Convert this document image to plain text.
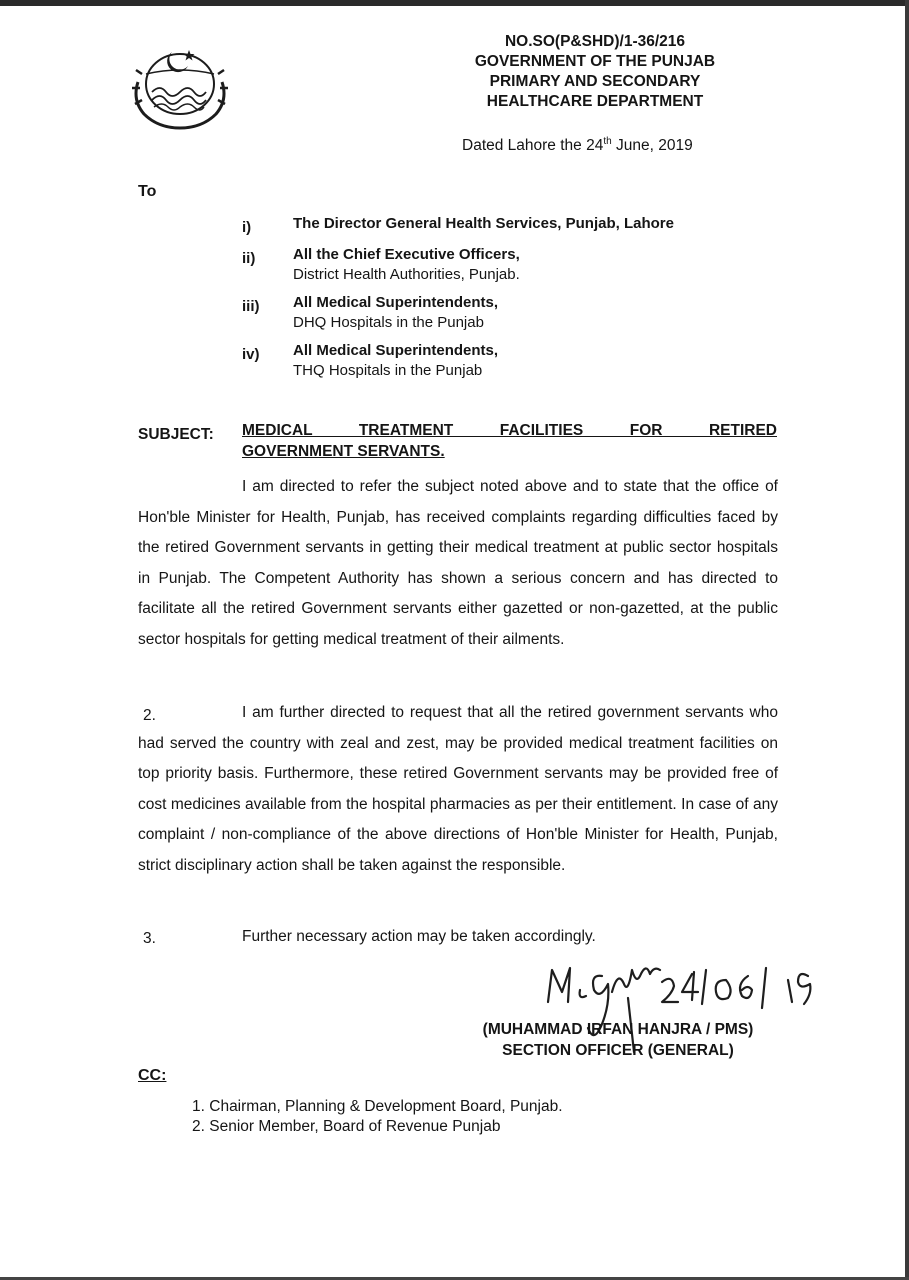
NO.SO(P&SHD)/1-36/216
GOVERNMENT OF THE PUNJAB
PRIMARY AND SECONDARY
HEALTHCARE DEPARTMENT
Dated Lahore the 24th June, 2019
To
i)	The Director General Health Services, Punjab, Lahore
ii)	All the Chief Executive Officers,
District Health Authorities, Punjab.
iii)	All Medical Superintendents,
DHQ Hospitals in the Punjab
iv)	All Medical Superintendents,
THQ Hospitals in the Punjab
SUBJECT: MEDICAL TREATMENT FACILITIES FOR RETIRED
GOVERNMENT SERVANTS.
I am directed to refer the subject noted above and to state that the office of Hon'ble Minister for Health, Punjab, has received complaints regarding difficulties faced by the retired Government servants in getting their medical treatment at public sector hospitals in Punjab. The Competent Authority has shown a serious concern and has directed to facilitate all the retired Government servants either gazetted or non-gazetted, at the public sector hospitals for getting medical treatment of their ailments.
2.	I am further directed to request that all the retired government servants who had served the country with zeal and zest, may be provided medical treatment facilities on top priority basis. Furthermore, these retired Government servants may be provided free of cost medicines available from the hospital pharmacies as per their entitlement. In case of any complaint / non-compliance of the above directions of Hon'ble Minister for Health, Punjab, strict disciplinary action shall be taken against the responsible.
3.	Further necessary action may be taken accordingly.
(MUHAMMAD IRFAN HANJRA / PMS)
SECTION OFFICER (GENERAL)
CC:
1. Chairman, Planning & Development Board, Punjab.
2. Senior Member, Board of Revenue Punjab
